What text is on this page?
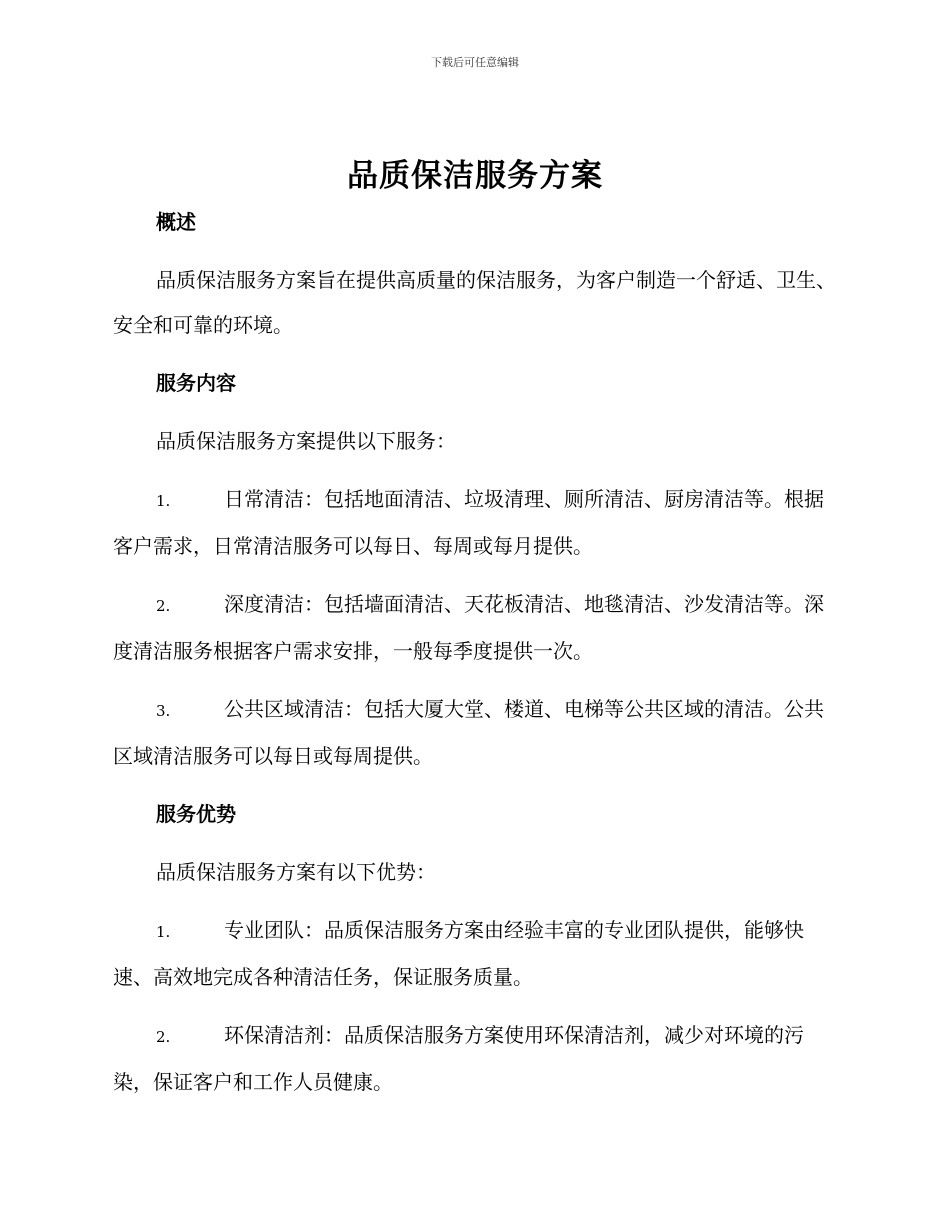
下载后可任意编辑
品质保洁服务方案
概述

品质保洁服务方案旨在提供高质量的保洁服务，为客户制造一个舒适、卫生、安全和可靠的环境。

服务内容

品质保洁服务方案提供以下服务：

1.	日常清洁：包括地面清洁、垃圾清理、厕所清洁、厨房清洁等。根据客户需求，日常清洁服务可以每日、每周或每月提供。

2.	深度清洁：包括墙面清洁、天花板清洁、地毯清洁、沙发清洁等。深度清洁服务根据客户需求安排，一般每季度提供一次。

3.	公共区域清洁：包括大厦大堂、楼道、电梯等公共区域的清洁。公共区域清洁服务可以每日或每周提供。

服务优势

品质保洁服务方案有以下优势：

1.	专业团队：品质保洁服务方案由经验丰富的专业团队提供，能够快速、高效地完成各种清洁任务，保证服务质量。

2.	环保清洁剂：品质保洁服务方案使用环保清洁剂，减少对环境的污染，保证客户和工作人员健康。
